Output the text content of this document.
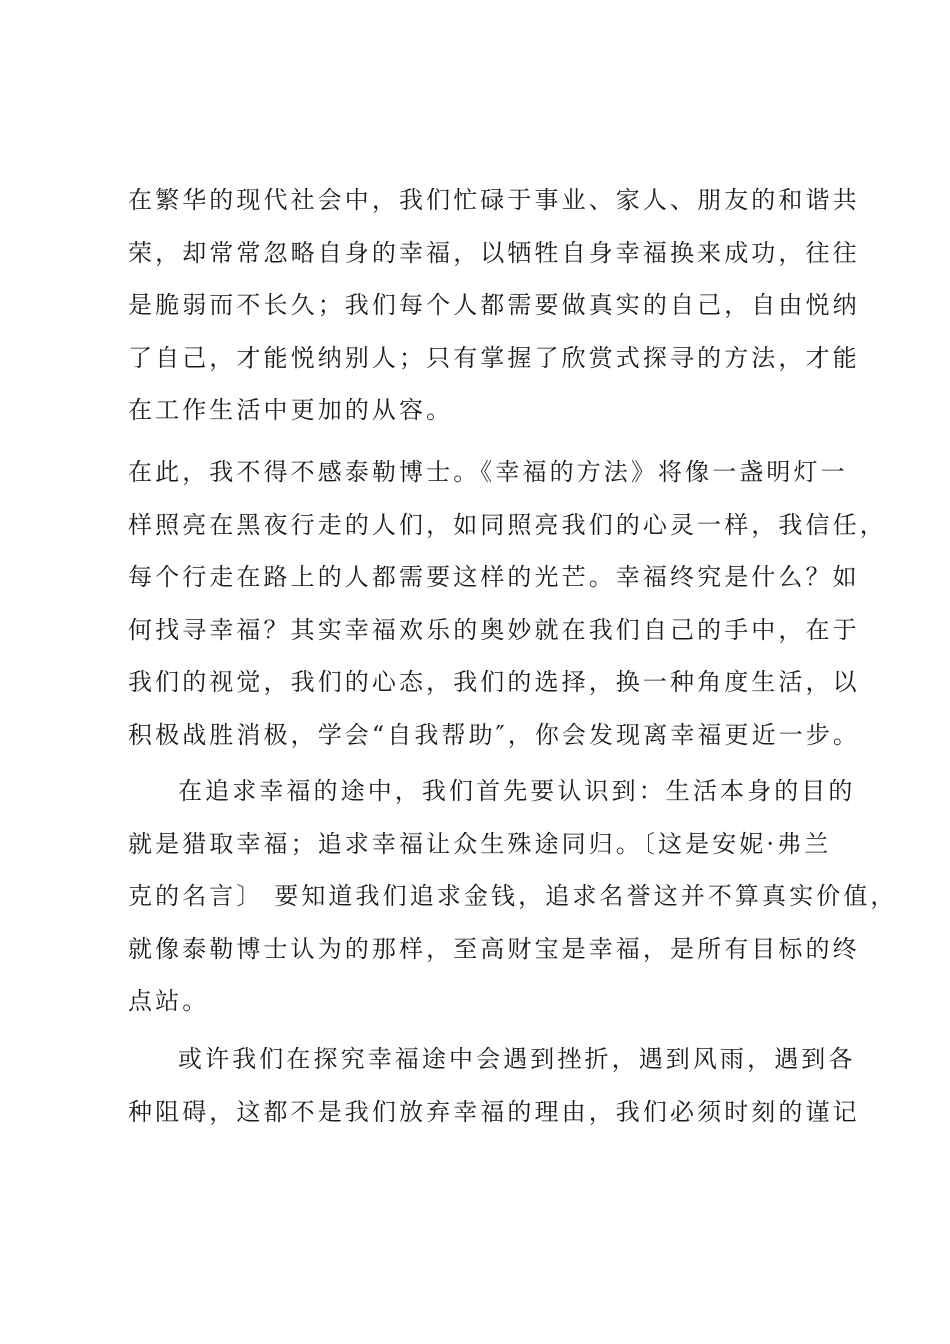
在繁华的现代社会中，我们忙碌于事业、家人、朋友的和谐共
荣，却常常忽略自身的幸福，以牺牲自身幸福换来成功，往往
是脆弱而不长久；我们每个人都需要做真实的自己，自由悦纳
了自己，才能悦纳别人；只有掌握了欣赏式探寻的方法，才能
在工作生活中更加的从容。

在此，我不得不感泰勒博士。《幸福的方法》将像一盏明灯一
样照亮在黑夜行走的人们，如同照亮我们的心灵一样，我信任，
每个行走在路上的人都需要这样的光芒。幸福终究是什么？如
何找寻幸福？其实幸福欢乐的奥妙就在我们自己的手中，在于
我们的视觉，我们的心态，我们的选择，换一种角度生活，以
积极战胜消极，学会“自我帮助″，你会发现离幸福更近一步。

在追求幸福的途中，我们首先要认识到：生活本身的目的
就是猎取幸福；追求幸福让众生殊途同归。〔这是安妮·弗兰
克的名言〕 要知道我们追求金钱，追求名誉这并不算真实价值，
就像泰勒博士认为的那样，至高财宝是幸福，是所有目标的终
点站。

或许我们在探究幸福途中会遇到挫折，遇到风雨，遇到各
种阻碍，这都不是我们放弃幸福的理由，我们必须时刻的谨记
